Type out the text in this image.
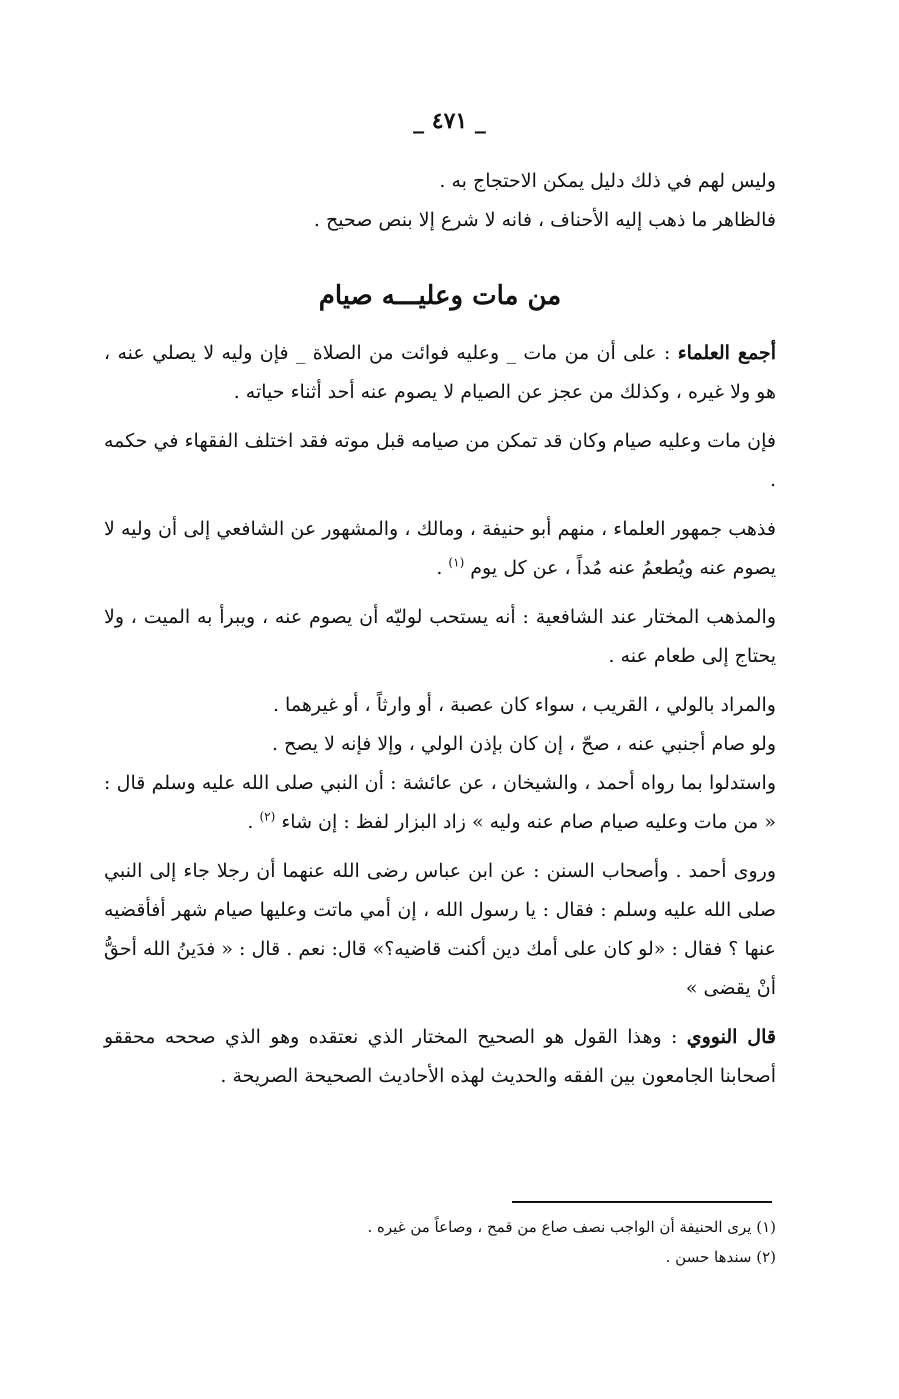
_ ٤٧١ _

وليس لهم في ذلك دليل يمكن الاحتجاج به .

فالظاهر ما ذهب إليه الأحناف ، فانه لا شرع إلا بنص صحيح .

من مات وعليـــه صيام

أجمع العلماء : على أن من مات _ وعليه فوائت من الصلاة _ فإن وليه لا يصلي عنه ، هو ولا غيره ، وكذلك من عجز عن الصيام لا يصوم عنه أحد أثناء حياته .

فإن مات وعليه صيام وكان قد تمكن من صيامه قبل موته فقد اختلف الفقهاء في حكمه .

فذهب جمهور العلماء ، منهم أبو حنيفة ، ومالك ، والمشهور عن الشافعي إلى أن وليه لا يصوم عنه ويُطعمُ عنه مُداً ، عن كل يوم $^{(١)}$ .

والمذهب المختار عند الشافعية : أنه يستحب لوليّه أن يصوم عنه ، ويبرأ به الميت ، ولا يحتاج إلى طعام عنه .

والمراد بالولي ، القريب ، سواء كان عصبة ، أو وارثاً ، أو غيرهما .

ولو صام أجنبي عنه ، صحّ ، إن كان بإذن الولي ، وإلا فإنه لا يصح .

واستدلوا بما رواه أحمد ، والشيخان ، عن عائشة : أن النبي صلى الله عليه وسلم قال : « من مات وعليه صيام صام عنه وليه » زاد البزار لفظ : إن شاء $^{(٢)}$ .

وروى أحمد . وأصحاب السنن : عن ابن عباس رضى الله عنهما أن رجلا جاء إلى النبي صلى الله عليه وسلم : فقال : يا رسول الله ، إن أمي ماتت وعليها صيام شهر أفأقضيه عنها ؟ فقال : «لو كان على أمك دين أكنت قاضيه؟» قال: نعم . قال : « فدَينُ الله أحقُّ أنْ يقضى »

قال النووي : وهذا القول هو الصحيح المختار الذي نعتقده وهو الذي صححه محققو أصحابنا الجامعون بين الفقه والحديث لهذه الأحاديث الصحيحة الصريحة .

(١) يرى الحنيفة أن الواجب نصف صاع من قمح ، وصاعاً من غيره .

(٢) سندها حسن .
